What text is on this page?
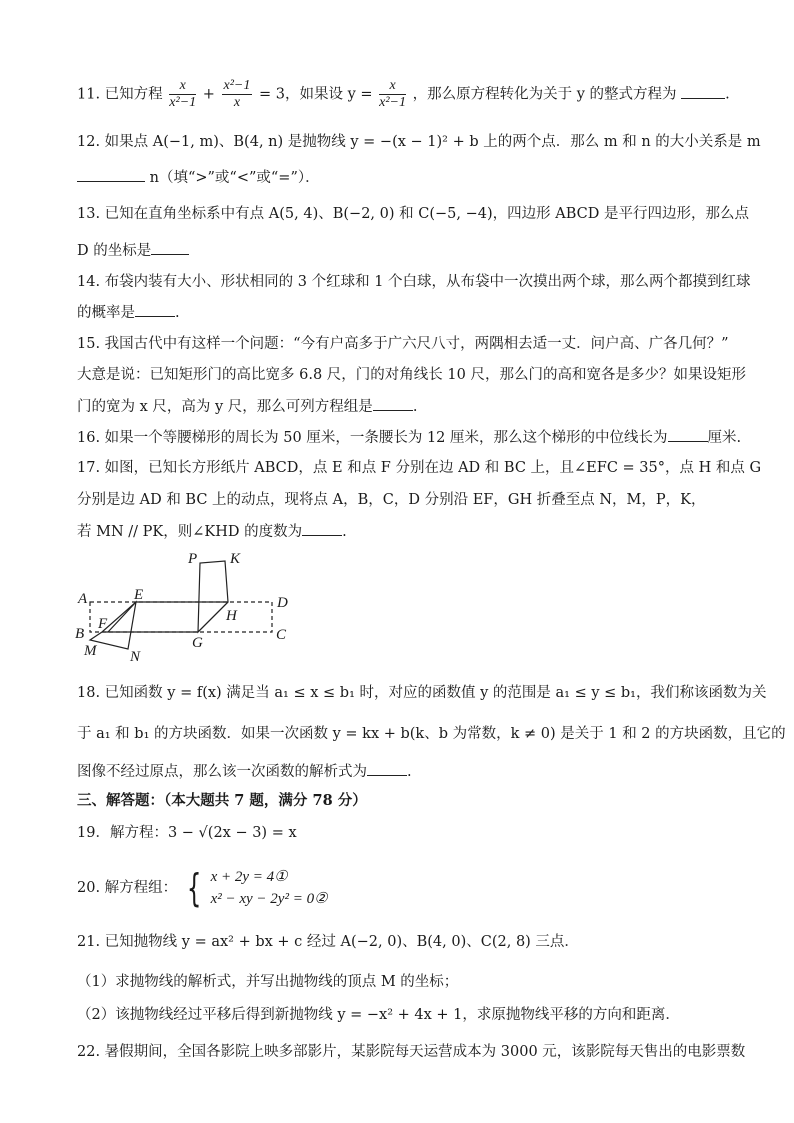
11. 已知方程 $\frac{x}{\text{x²−1}} + \frac{\text{x²−1}}{x} = 3$，如果设 $y = \frac{x}{\text{x²−1}}$ ，那么原方程转化为关于 y 的整式方程为	.
12. 如果点 A(−1, m)、B(4, n) 是抛物线 y = −(x − 1)² + b 上的两个点．那么 m 和 n 的大小关系是 m
n（填“>”或“<”或“=”）．
13. 已知在直角坐标系中有点 A(5, 4)、B(−2, 0) 和 C(−5, −4)，四边形 ABCD 是平行四边形，那么点
D 的坐标是
14. 布袋内装有大小、形状相同的 3 个红球和 1 个白球，从布袋中一次摸出两个球，那么两个都摸到红球
的概率是	.
15. 我国古代中有这样一个问题：“今有户高多于广六尺八寸，两隅相去适一丈．问户高、广各几何？”
大意是说：已知矩形门的高比宽多 6.8 尺，门的对角线长 10 尺，那么门的高和宽各是多少？如果设矩形
门的宽为 x 尺，高为 y 尺，那么可列方程组是	.
16. 如果一个等腰梯形的周长为 50 厘米，一条腰长为 12 厘米，那么这个梯形的中位线长为	厘米.
17. 如图，已知长方形纸片 ABCD，点 E 和点 F 分别在边 AD 和 BC 上，且∠EFC = 35°，点 H 和点 G
分别是边 AD 和 BC 上的动点，现将点 A，B，C，D 分别沿 EF，GH 折叠至点 N，M，P，K，
若 MN // PK，则∠KHD 的度数为	.
P K
A	E	D
H
B
F
G	C
M N
18. 已知函数 y = f(x) 满足当 a₁ ≤ x ≤ b₁ 时，对应的函数值 y 的范围是 a₁ ≤ y ≤ b₁，我们称该函数为关
于 a₁ 和 b₁ 的方块函数．如果一次函数 y = kx + b(k、b 为常数，k ≠ 0) 是关于 1 和 2 的方块函数，且它的
图像不经过原点，那么该一次函数的解析式为	.
三、解答题：（本大题共 7 题，满分 78 分）
19．解方程：3 − √(2x − 3) = x
20. 解方程组： { x + 2y = 4①
x² − xy − 2y² = 0②
21. 已知抛物线 y = ax² + bx + c 经过 A(−2, 0)、B(4, 0)、C(2, 8) 三点．
（1）求抛物线的解析式，并写出抛物线的顶点 M 的坐标；
（2）该抛物线经过平移后得到新抛物线 y = −x² + 4x + 1，求原抛物线平移的方向和距离．
22. 暑假期间，全国各影院上映多部影片，某影院每天运营成本为 3000 元，该影院每天售出的电影票数
